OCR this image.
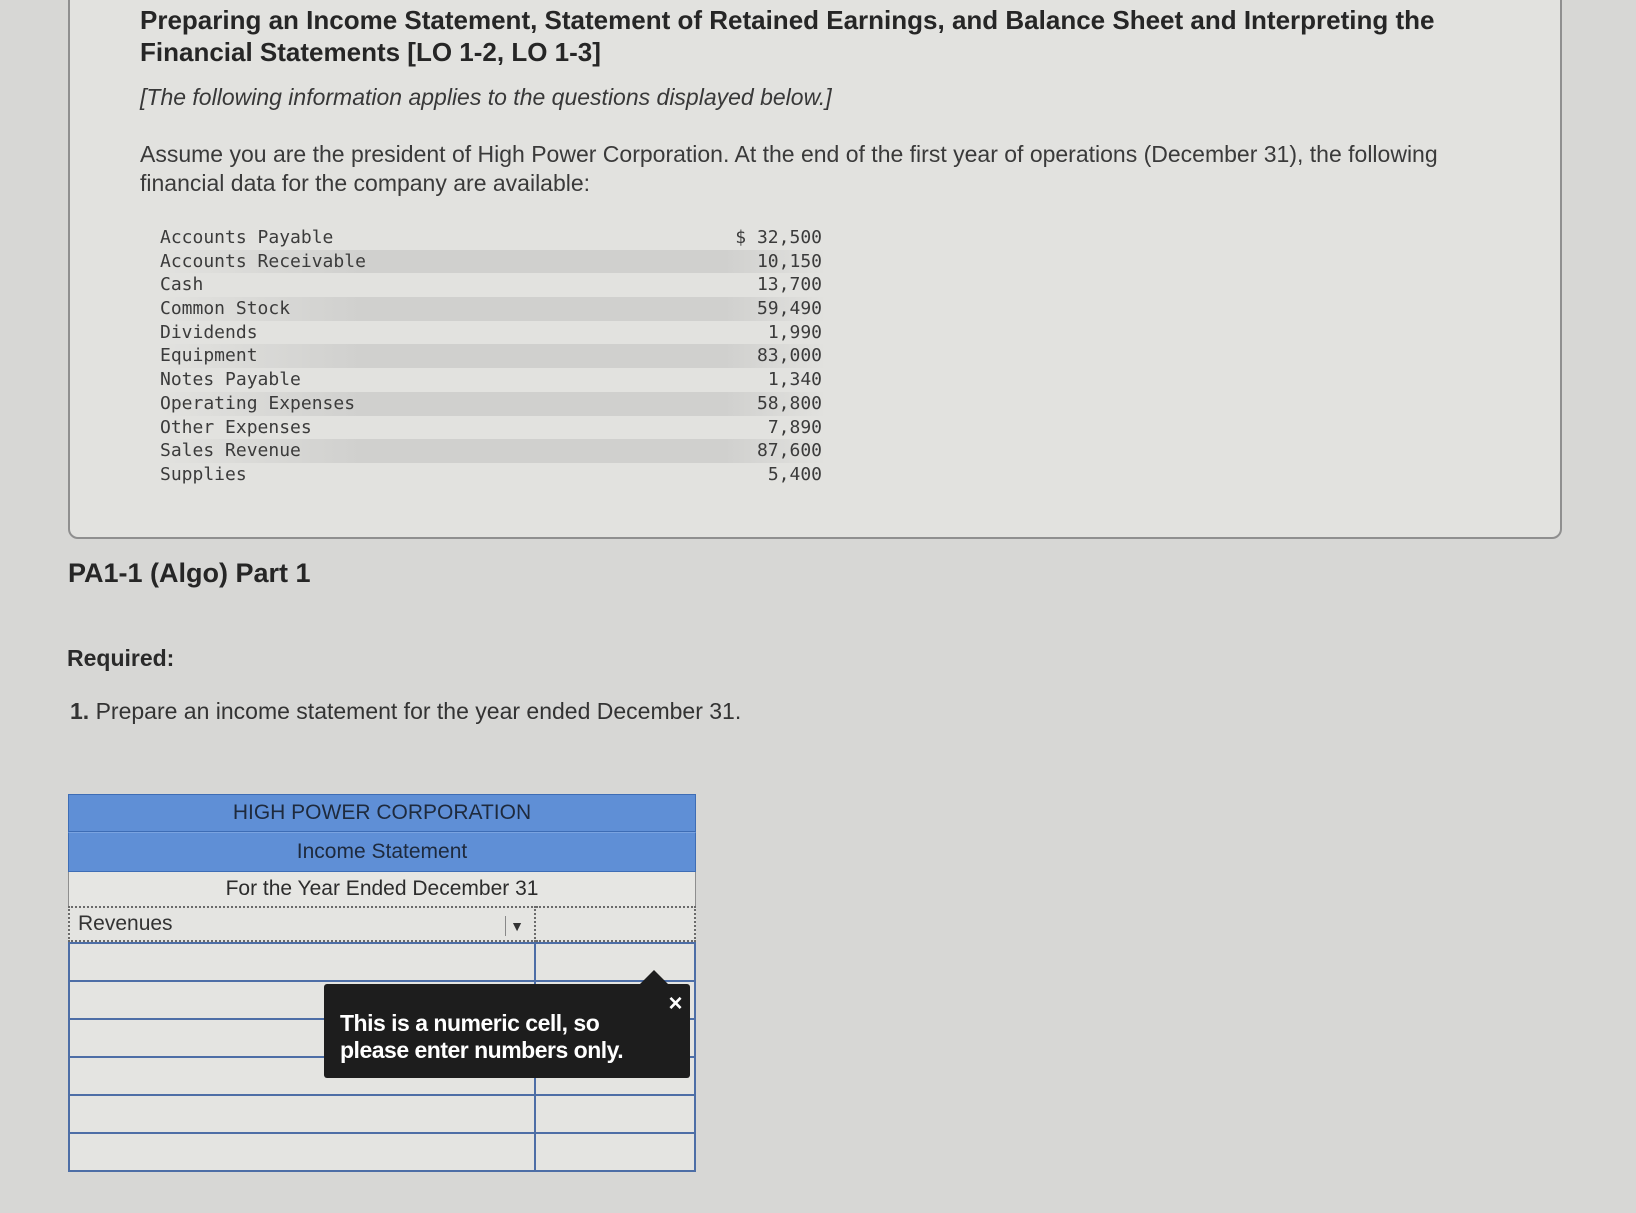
Preparing an Income Statement, Statement of Retained Earnings, and Balance Sheet and Interpreting the Financial Statements [LO 1-2, LO 1-3]
[The following information applies to the questions displayed below.]
Assume you are the president of High Power Corporation. At the end of the first year of operations (December 31), the following financial data for the company are available:
Accounts Payable	$ 32,500
Accounts Receivable	10,150
Cash	13,700
Common Stock	59,490
Dividends	1,990
Equipment	83,000
Notes Payable	1,340
Operating Expenses	58,800
Other Expenses	7,890
Sales Revenue	87,600
Supplies	5,400
PA1-1 (Algo) Part 1
Required:
1. Prepare an income statement for the year ended December 31.
HIGH POWER CORPORATION
Income Statement
For the Year Ended December 31
Revenues	▼
×
This is a numeric cell, so please enter numbers only.
